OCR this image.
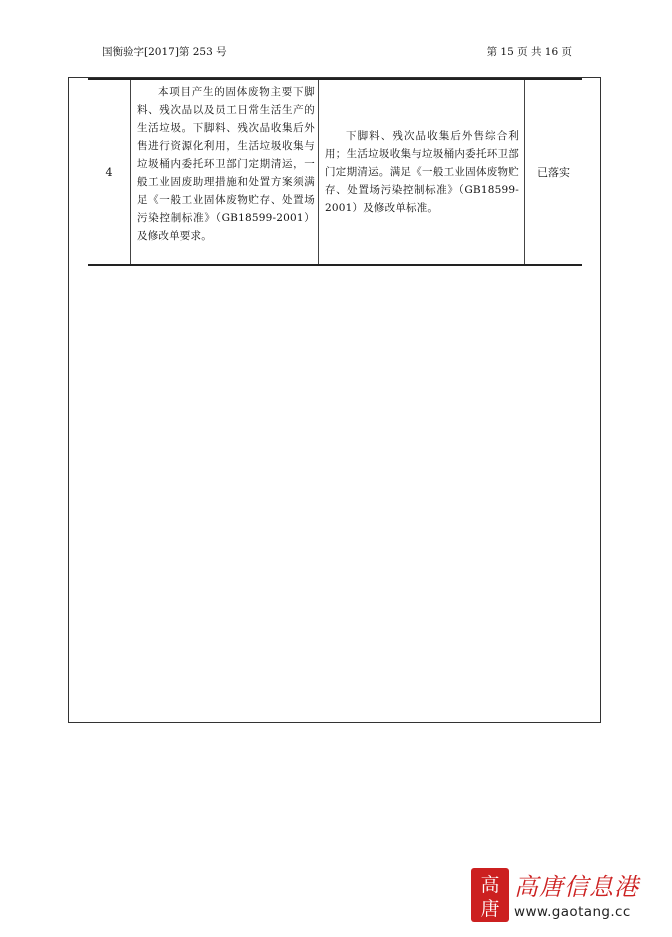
国衡验字[2017]第 253 号	第 15 页 共 16 页
4
本项目产生的固体废物主要下脚料、残次品以及员工日常生活生产的生活垃圾。下脚料、残次品收集后外售进行资源化利用，生活垃圾收集与垃圾桶内委托环卫部门定期清运，一般工业固废助理措施和处置方案须满足《一般工业固体废物贮存、处置场污染控制标准》（GB18599-2001）及修改单要求。
下脚料、残次品收集后外售综合利用；生活垃圾收集与垃圾桶内委托环卫部门定期清运。满足《一般工业固体废物贮存、处置场污染控制标准》（GB18599-2001）及修改单标准。
已落实
高
唐
高唐信息港
www.gaotang.cc
